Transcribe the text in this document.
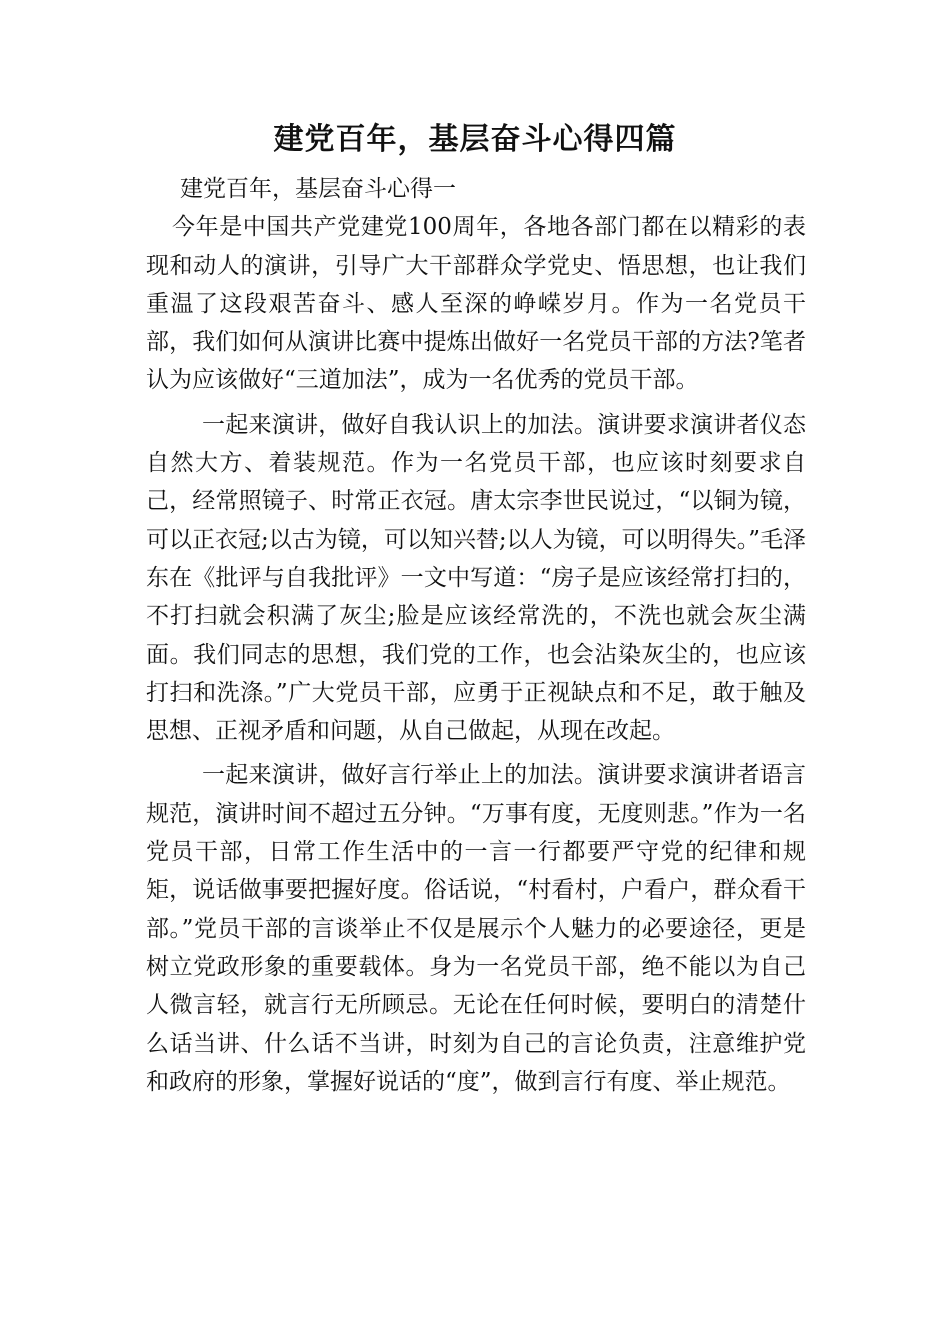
建党百年，基层奋斗心得四篇

建党百年，基层奋斗心得一

今年是中国共产党建党100周年，各地各部门都在以精彩的表现和动人的演讲，引导广大干部群众学党史、悟思想，也让我们重温了这段艰苦奋斗、感人至深的峥嵘岁月。作为一名党员干部，我们如何从演讲比赛中提炼出做好一名党员干部的方法?笔者认为应该做好“三道加法”，成为一名优秀的党员干部。

一起来演讲，做好自我认识上的加法。演讲要求演讲者仪态自然大方、着装规范。作为一名党员干部，也应该时刻要求自己，经常照镜子、时常正衣冠。唐太宗李世民说过，“以铜为镜，可以正衣冠;以古为镜，可以知兴替;以人为镜，可以明得失。”毛泽东在《批评与自我批评》一文中写道：“房子是应该经常打扫的，不打扫就会积满了灰尘;脸是应该经常洗的，不洗也就会灰尘满面。我们同志的思想，我们党的工作，也会沾染灰尘的，也应该打扫和洗涤。”广大党员干部，应勇于正视缺点和不足，敢于触及思想、正视矛盾和问题，从自己做起，从现在改起。

一起来演讲，做好言行举止上的加法。演讲要求演讲者语言规范，演讲时间不超过五分钟。“万事有度，无度则悲。”作为一名党员干部，日常工作生活中的一言一行都要严守党的纪律和规矩，说话做事要把握好度。俗话说，“村看村，户看户，群众看干部。”党员干部的言谈举止不仅是展示个人魅力的必要途径，更是树立党政形象的重要载体。身为一名党员干部，绝不能以为自己人微言轻，就言行无所顾忌。无论在任何时候，要明白的清楚什么话当讲、什么话不当讲，时刻为自己的言论负责，注意维护党和政府的形象，掌握好说话的“度”，做到言行有度、举止规范。
